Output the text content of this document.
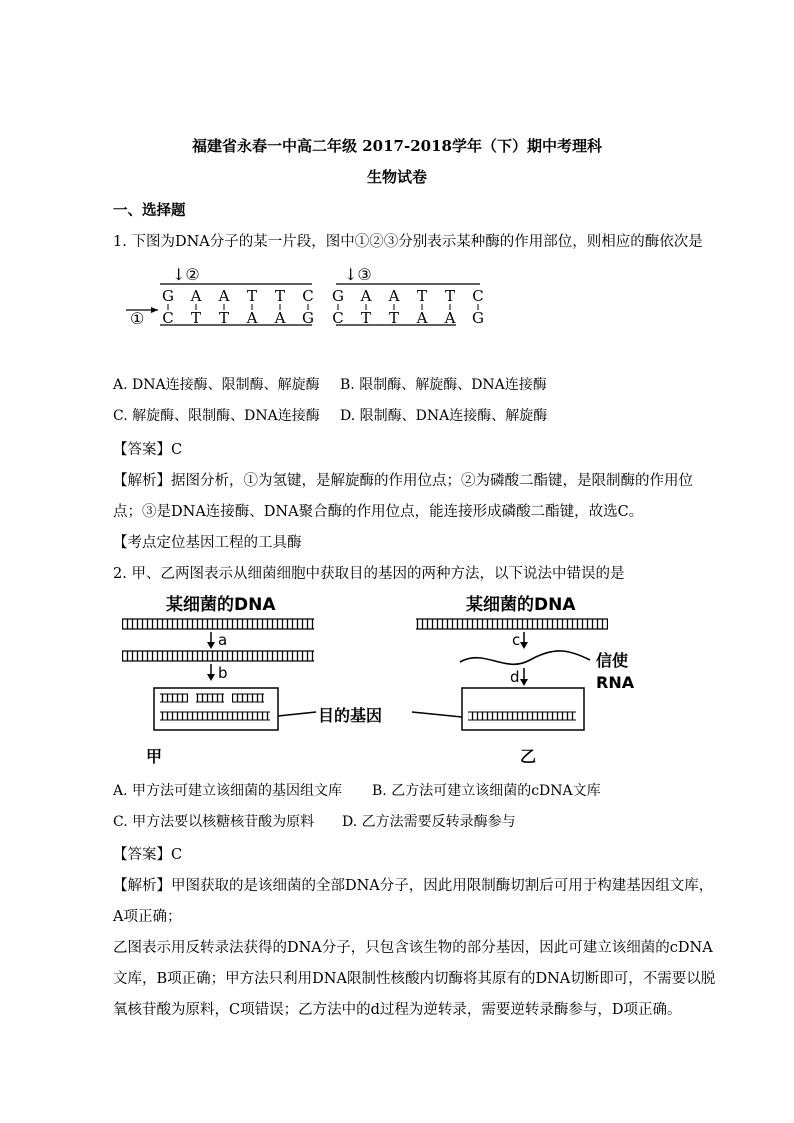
福建省永春一中高二年级 2017-2018学年（下）期中考理科
生物试卷
一、选择题
1. 下图为DNA分子的某一片段，图中①②③分别表示某种酶的作用部位，则相应的酶依次是
↓②
①
G A A T T C
C T T A A G
↓③
G A A T T C
C T T A A G
A. DNA连接酶、限制酶、解旋酶 B. 限制酶、解旋酶、DNA连接酶
C. 解旋酶、限制酶、DNA连接酶 D. 限制酶、DNA连接酶、解旋酶
【答案】C
【解析】据图分析，①为氢键，是解旋酶的作用位点；②为磷酸二酯键，是限制酶的作用位
点；③是DNA连接酶、DNA聚合酶的作用位点，能连接形成磷酸二酯键，故选C。
【考点定位基因工程的工具酶
2. 甲、乙两图表示从细菌细胞中获取目的基因的两种方法，以下说法中错误的是
某细菌的DNA
a
b
甲
目的基因
某细菌的DNA
c
信使
RNA
d
乙
A. 甲方法可建立该细菌的基因组文库 B. 乙方法可建立该细菌的cDNA文库
C. 甲方法要以核糖核苷酸为原料 D. 乙方法需要反转录酶参与
【答案】C
【解析】甲图获取的是该细菌的全部DNA分子，因此用限制酶切割后可用于构建基因组文库，
A项正确；
乙图表示用反转录法获得的DNA分子，只包含该生物的部分基因，因此可建立该细菌的cDNA
文库，B项正确；甲方法只利用DNA限制性核酸内切酶将其原有的DNA切断即可，不需要以脱
氧核苷酸为原料，C项错误；乙方法中的d过程为逆转录，需要逆转录酶参与，D项正确。
